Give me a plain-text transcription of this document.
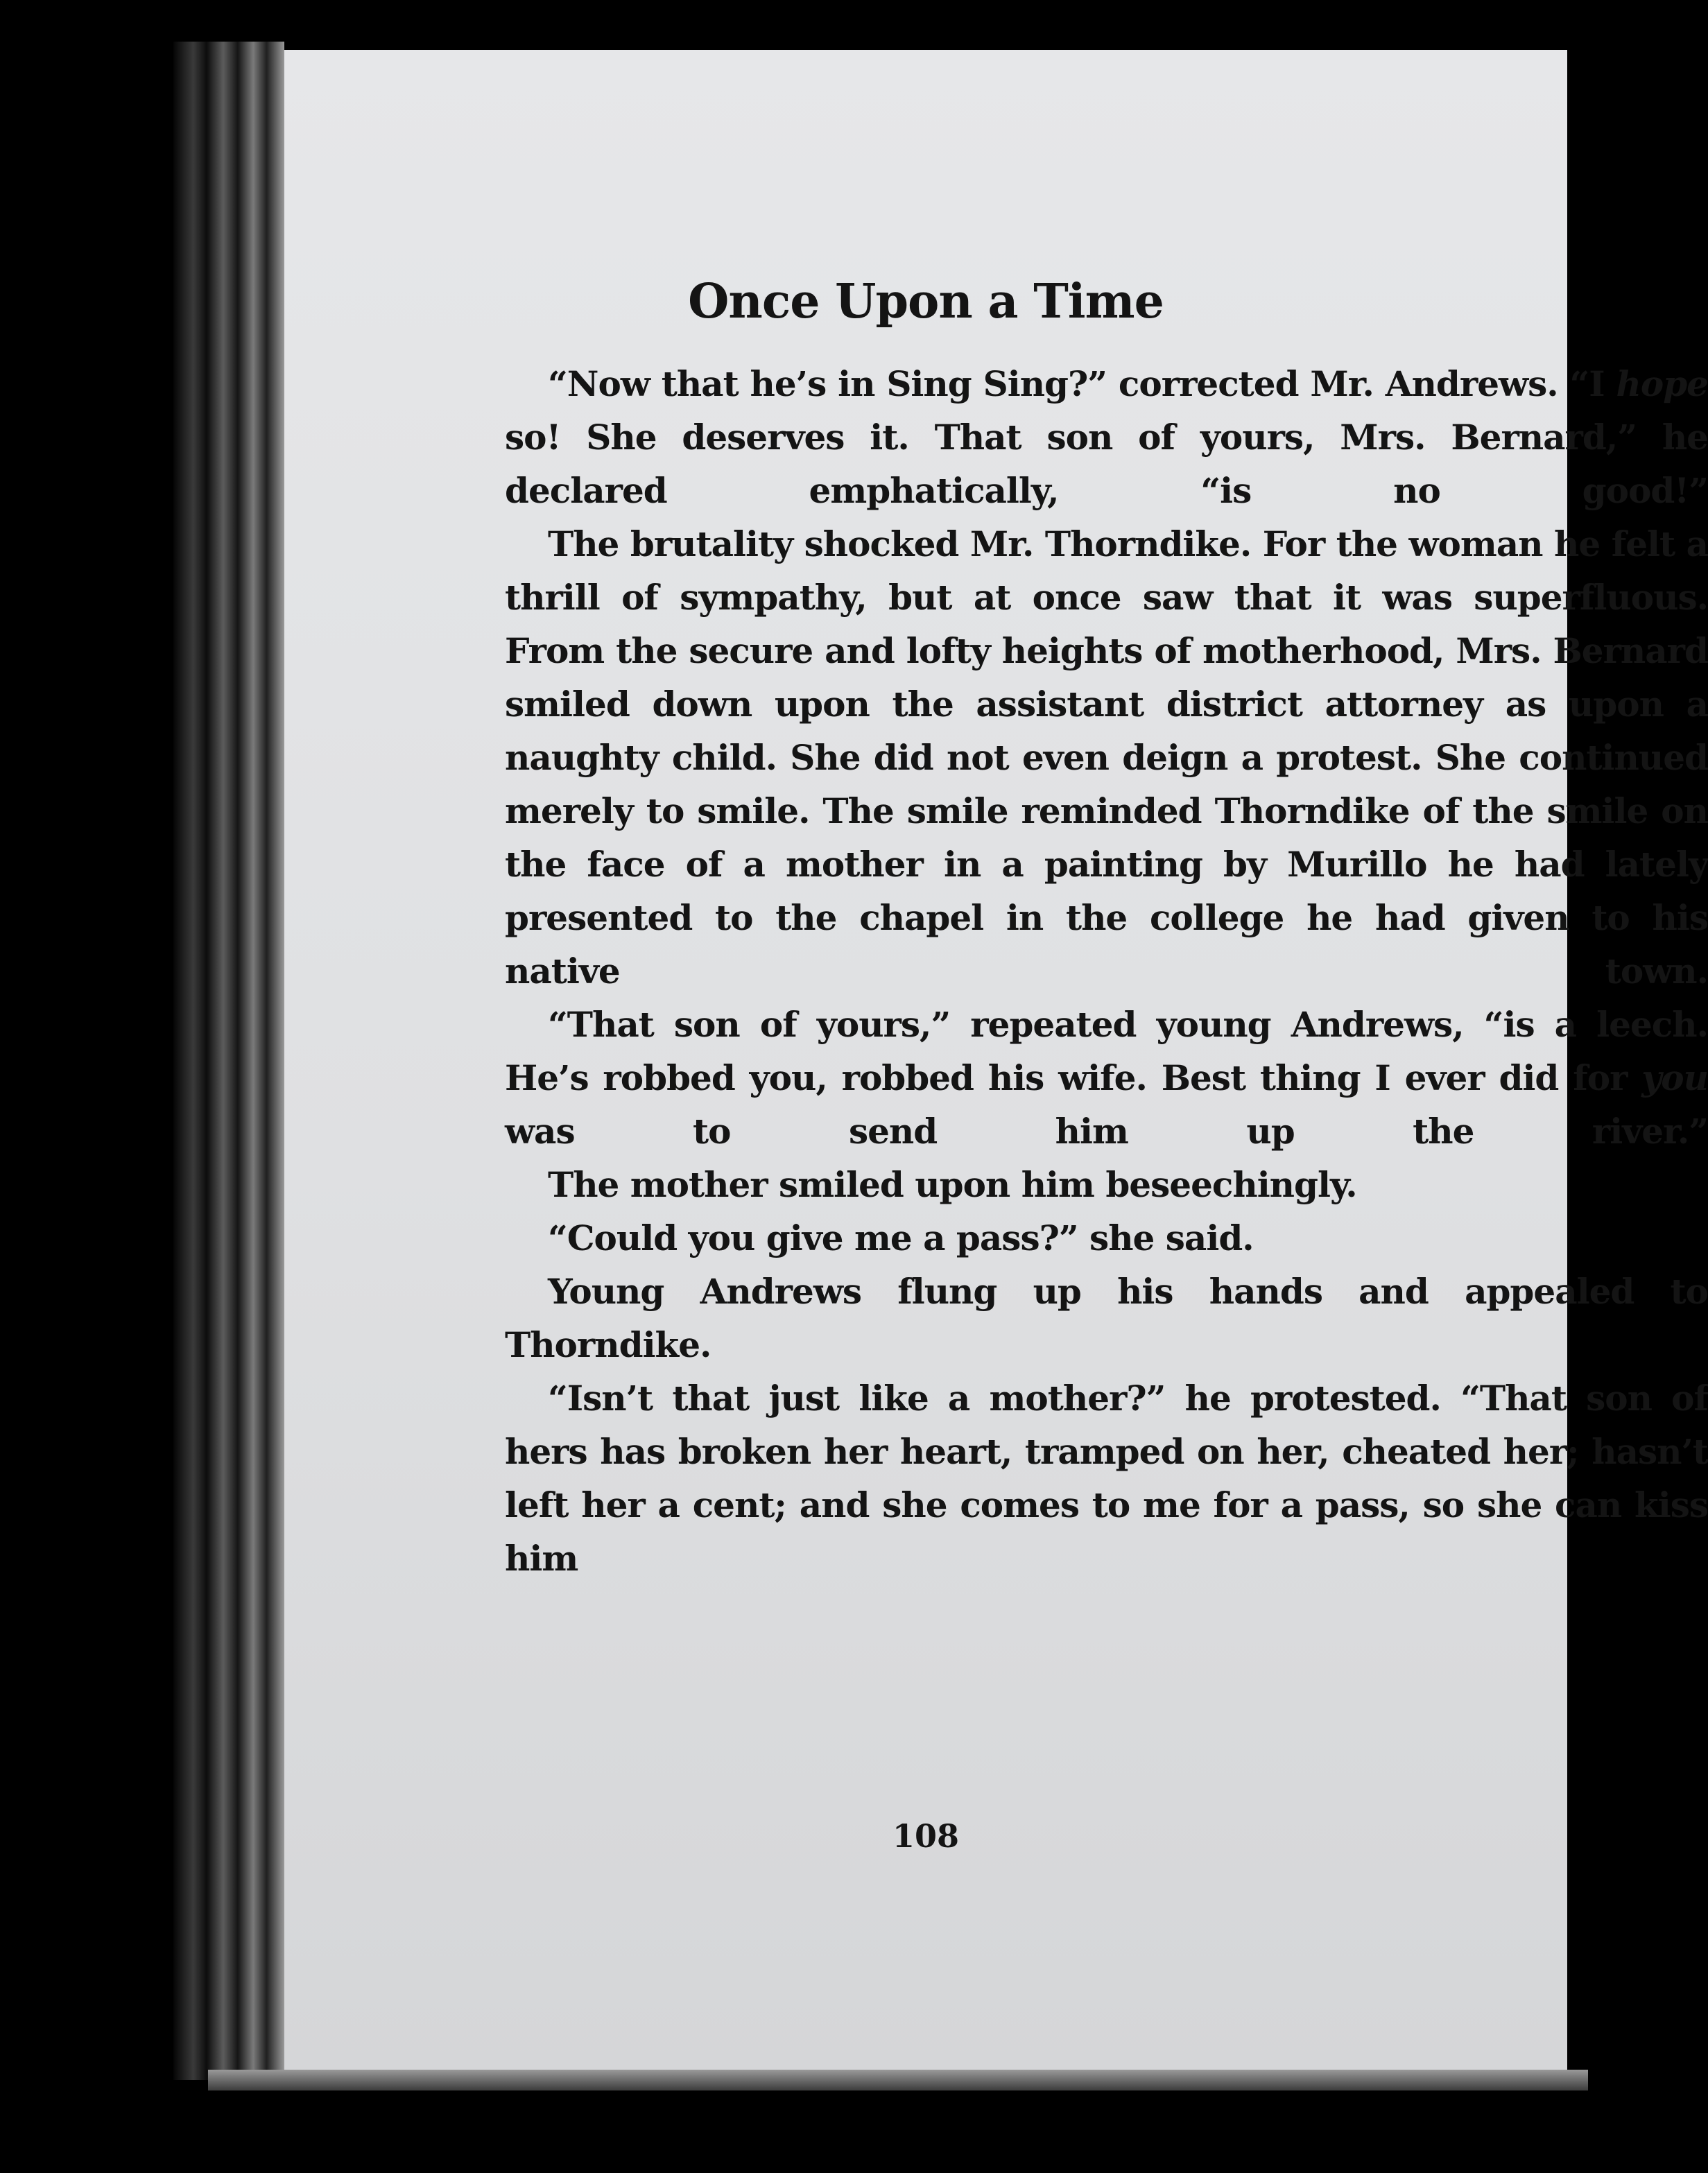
Once Upon a Time

“Now that he’s in Sing Sing?” corrected Mr. Andrews. “I hope so! She deserves it. That son of yours, Mrs. Bernard,” he declared emphatically, “is no good!”

The brutality shocked Mr. Thorndike. For the woman he felt a thrill of sympathy, but at once saw that it was superfluous. From the secure and lofty heights of motherhood, Mrs. Bernard smiled down upon the assistant district attorney as upon a naughty child. She did not even deign a protest. She continued merely to smile. The smile reminded Thorndike of the smile on the face of a mother in a painting by Murillo he had lately presented to the chapel in the college he had given to his native town.

“That son of yours,” repeated young Andrews, “is a leech. He’s robbed you, robbed his wife. Best thing I ever did for you was to send him up the river.”

The mother smiled upon him beseechingly.

“Could you give me a pass?” she said.

Young Andrews flung up his hands and appealed to Thorndike.

“Isn’t that just like a mother?” he protested. “That son of hers has broken her heart, tramped on her, cheated her; hasn’t left her a cent; and she comes to me for a pass, so she can kiss him

108
